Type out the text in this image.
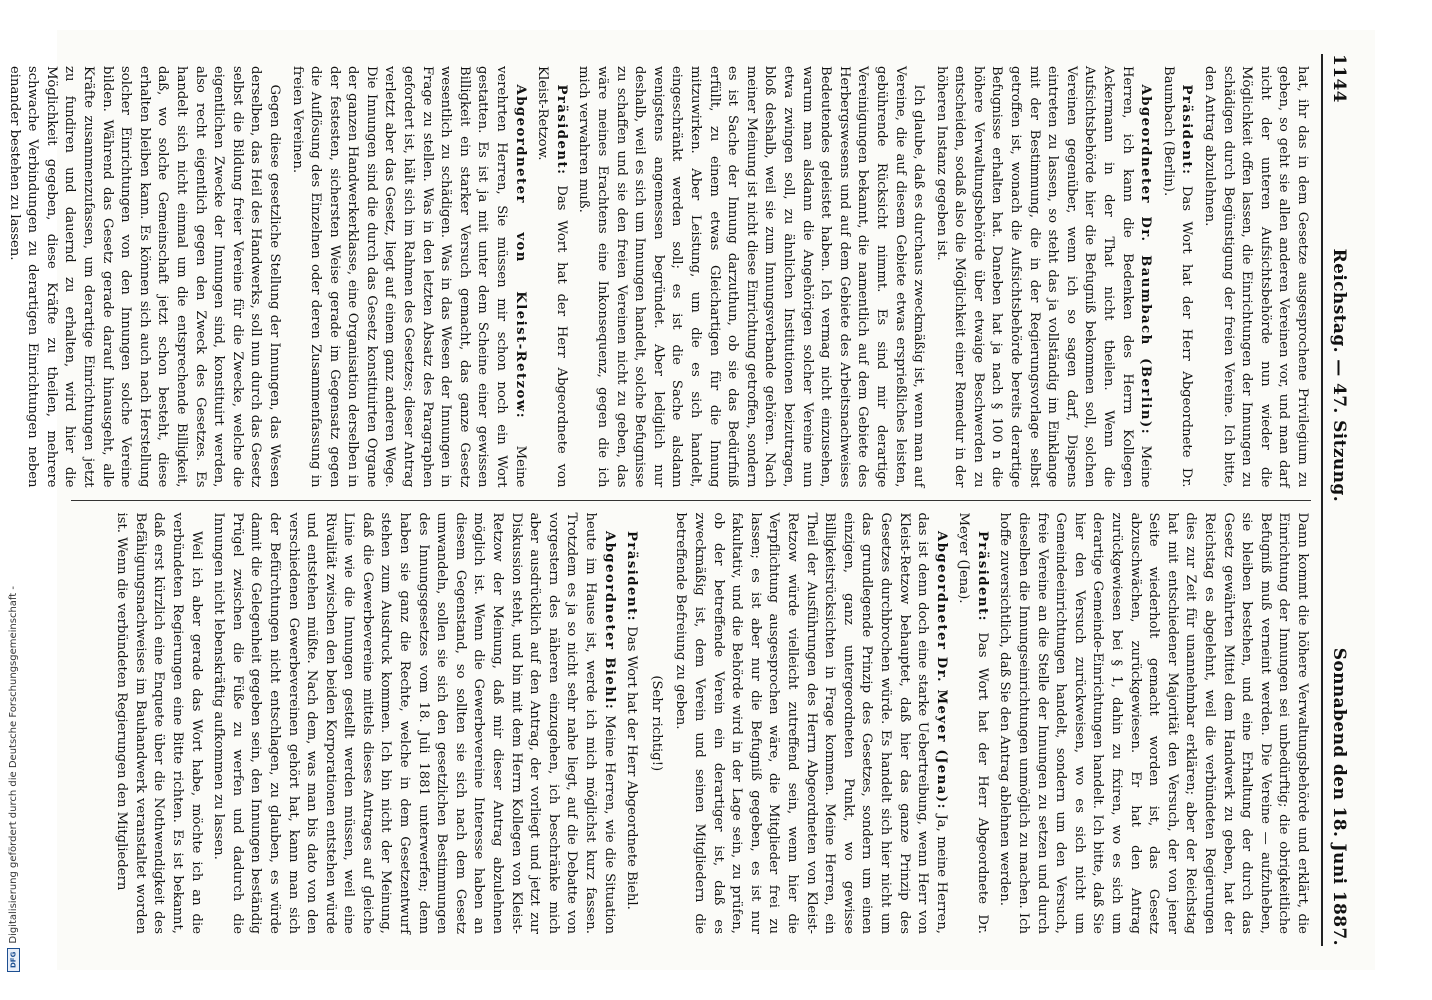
1144
Reichstag. — 47. Sitzung.
Sonnabend den 18. Juni 1887.

hat, ihr das in dem Gesetze ausgesprochene Privilegium zu geben, so geht sie allen anderen Vereinen vor, und man darf nicht der unteren Aufsichtsbehörde nun wieder die Möglichkeit offen lassen, die Einrichtungen der Innungen zu schädigen durch Begünstigung der freien Vereine. Ich bitte, den Antrag abzulehnen.

Präsident: Das Wort hat der Herr Abgeordnete Dr. Baumbach (Berlin).

Abgeordneter Dr. Baumbach (Berlin): Meine Herren, ich kann die Bedenken des Herrn Kollegen Ackermann in der That nicht theilen. Wenn die Aufsichtsbehörde hier die Befugniß bekommen soll, solchen Vereinen gegenüber, wenn ich so sagen darf, Dispens eintreten zu lassen, so steht das ja vollständig im Einklange mit der Bestimmung, die in der Regierungsvorlage selbst getroffen ist, wonach die Aufsichtsbehörde bereits derartige Befugnisse erhalten hat. Daneben hat ja nach § 100 n die höhere Verwaltungsbehörde über etwaige Beschwerden zu entscheiden, sodaß also die Möglichkeit einer Remedur in der höheren Instanz gegeben ist.

Ich glaube, daß es durchaus zweckmäßig ist, wenn man auf Vereine, die auf diesem Gebiete etwas ersprießliches leisten, gebührende Rücksicht nimmt. Es sind mir derartige Vereinigungen bekannt, die namentlich auf dem Gebiete des Herbergswesens und auf dem Gebiete des Arbeitsnachweises Bedeutendes geleistet haben. Ich vermag nicht einzusehen, warum man alsdann die Angehörigen solcher Vereine nun etwa zwingen soll, zu ähnlichen Institutionen beizutragen, bloß deshalb, weil sie zum Innungsverbande gehören. Nach meiner Meinung ist nicht diese Einrichtung getroffen, sondern es ist Sache der Innung darzuthun, ob sie das Bedürfniß erfüllt, zu einem etwas Gleichartigen für die Innung mitzuwirken. Aber Leistung, um die es sich handelt, eingeschränkt werden soll; es ist die Sache alsdann wenigstens angemessen begründet. Aber lediglich nur deshalb, weil es sich um Innungen handelt, solche Befugnisse zu schaffen und sie den freien Vereinen nicht zu geben, das wäre meines Erachtens eine Inkonsequenz, gegen die ich mich verwahren muß.

Präsident: Das Wort hat der Herr Abgeordnete von Kleist-Retzow.

Abgeordneter von Kleist-Retzow: Meine verehrten Herren, Sie müssen mir schon noch ein Wort gestatten. Es ist ja mit unter dem Scheine einer gewissen Billigkeit ein starker Versuch gemacht, das ganze Gesetz wesentlich zu schädigen. Was in das Wesen der Innungen in Frage zu stellen. Was in den letzten Absatz des Paragraphen gefordert ist, hält sich im Rahmen des Gesetzes; dieser Antrag verletzt aber das Gesetz, liegt auf einem ganz anderen Wege. Die Innungen sind die durch das Gesetz konstituirten Organe der ganzen Handwerkerklasse, eine Organisation derselben in der festesten, sichersten Weise gerade im Gegensatz gegen die Auflösung des Einzelnen oder deren Zusammenfassung in freien Vereinen.

Gegen diese gesetzliche Stellung der Innungen, das Wesen derselben, das Heil des Handwerks, soll nun durch das Gesetz selbst die Bildung freier Vereine für die Zwecke, welche die eigentlichen Zwecke der Innungen sind, konstituirt werden, also recht eigentlich gegen den Zweck des Gesetzes. Es handelt sich nicht einmal um die entsprechende Billigkeit, daß, wo solche Gemeinschaft jetzt schon besteht, diese erhalten bleiben kann. Es können sich auch nach Herstellung solcher Einrichtungen von den Innungen solche Vereine bilden. Während das Gesetz gerade darauf hinausgeht, alle Kräfte zusammenzufassen, um derartige Einrichtungen jetzt zu fundiren und dauernd zu erhalten, wird hier die Möglichkeit gegeben, diese Kräfte zu theilen, mehrere schwache Verbindungen zu derartigen Einrichtungen neben einander bestehen zu lassen.

Dann kommt die höhere Verwaltungsbehörde und erklärt, die Einrichtung der Innungen sei unbedürftig; die obrigkeitliche Befugniß muß verneint werden. Die Vereine — aufzuheben, sie bleiben bestehen, und eine Erhaltung der durch das Gesetz gewährten Mittel dem Handwerk zu geben, hat der Reichstag es abgelehnt, weil die verbündeten Regierungen dies zur Zeit für unannehmbar erklären; aber der Reichstag hat mit entschiedener Majorität den Versuch, der von jener Seite wiederholt gemacht worden ist, das Gesetz abzuschwächen, zurückgewiesen. Er hat den Antrag zurückgewiesen bei § 1, dahin zu fixiren, wo es sich um derartige Gemeinde-Einrichtungen handelt. Ich bitte, daß Sie hier den Versuch zurückweisen, wo es sich nicht um Gemeindeeinrichtungen handelt, sondern um den Versuch, freie Vereine an die Stelle der Innungen zu setzen und durch dieselben die Innungseinrichtungen unmöglich zu machen. Ich hoffe zuversichtlich, daß Sie den Antrag ablehnen werden.

Präsident: Das Wort hat der Herr Abgeordnete Dr. Meyer (Jena).

Abgeordneter Dr. Meyer (Jena): Ja, meine Herren, das ist denn doch eine starke Uebertreibung, wenn Herr von Kleist-Retzow behauptet, daß hier das ganze Prinzip des Gesetzes durchbrochen würde. Es handelt sich hier nicht um das grundlegende Prinzip des Gesetzes, sondern um einen einzigen, ganz untergeordneten Punkt, wo gewisse Billigkeitsrücksichten in Frage kommen. Meine Herren, ein Theil der Ausführungen des Herrn Abgeordneten von Kleist-Retzow würde vielleicht zutreffend sein, wenn hier die Verpflichtung ausgesprochen wäre, die Mitglieder frei zu lassen; es ist aber nur die Befugniß gegeben, es ist nur fakultativ, und die Behörde wird in der Lage sein, zu prüfen, ob der betreffende Verein ein derartiger ist, daß es zweckmäßig ist, dem Verein und seinen Mitgliedern die betreffende Befreiung zu geben.

(Sehr richtig!)

Präsident: Das Wort hat der Herr Abgeordnete Biehl.

Abgeordneter Biehl: Meine Herren, wie die Situation heute im Hause ist, werde ich mich möglichst kurz fassen. Trotzdem es ja so nicht sehr nahe liegt, auf die Debatte von vorgestern des näheren einzugehen, ich beschränke mich aber ausdrücklich auf den Antrag, der vorliegt und jetzt zur Diskussion steht, und bin mit dem Herrn Kollegen von Kleist-Retzow der Meinung, daß mir dieser Antrag abzulehnen möglich ist. Wenn die Gewerbevereine Interesse haben an diesem Gegenstand, so sollten sie sich nach dem Gesetz umwandeln, sollen sie sich den gesetzlichen Bestimmungen des Innungsgesetzes vom 18. Juli 1881 unterwerfen; denn haben sie ganz die Rechte, welche in dem Gesetzentwurf stehen zum Ausdruck kommen. Ich bin nicht der Meinung, daß die Gewerbevereine mittels dieses Antrages auf gleiche Linie wie die Innungen gestellt werden müssen, weil eine Rivalität zwischen den beiden Korporationen entstehen würde und entstehen müßte. Nach dem, was man bis dato von den verschiedenen Gewerbevereinen gehört hat, kann man sich der Befürchtungen nicht entschlagen, zu glauben, es würde damit die Gelegenheit gegeben sein, den Innungen beständig Prügel zwischen die Füße zu werfen und dadurch die Innungen nicht lebenskräftig aufkommen zu lassen.

Weil ich aber gerade das Wort habe, möchte ich an die verbündeten Regierungen eine Bitte richten. Es ist bekannt, daß erst kürzlich eine Enquete über die Nothwendigkeit des Befähigungsnachweises im Bauhandwerk veranstaltet worden ist. Wenn die verbündeten Regierungen den Mitgliedern

Digitalisierung gefördert durch die Deutsche Forschungsgemeinschaft -
DFG
